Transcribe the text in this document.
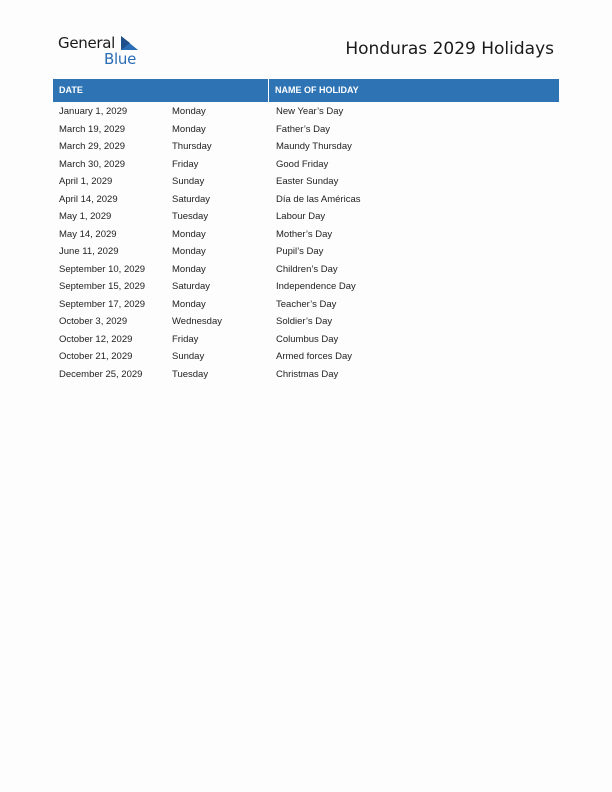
General
Blue	Honduras 2029 Holidays
DATE	NAME OF HOLIDAY
January 1, 2029	Monday	New Year’s Day
March 19, 2029	Monday	Father’s Day
March 29, 2029	Thursday	Maundy Thursday
March 30, 2029	Friday	Good Friday
April 1, 2029	Sunday	Easter Sunday
April 14, 2029	Saturday	Día de las Américas
May 1, 2029	Tuesday	Labour Day
May 14, 2029	Monday	Mother’s Day
June 11, 2029	Monday	Pupil’s Day
September 10, 2029	Monday	Children’s Day
September 15, 2029	Saturday	Independence Day
September 17, 2029	Monday	Teacher’s Day
October 3, 2029	Wednesday	Soldier’s Day
October 12, 2029	Friday	Columbus Day
October 21, 2029	Sunday	Armed forces Day
December 25, 2029	Tuesday	Christmas Day
